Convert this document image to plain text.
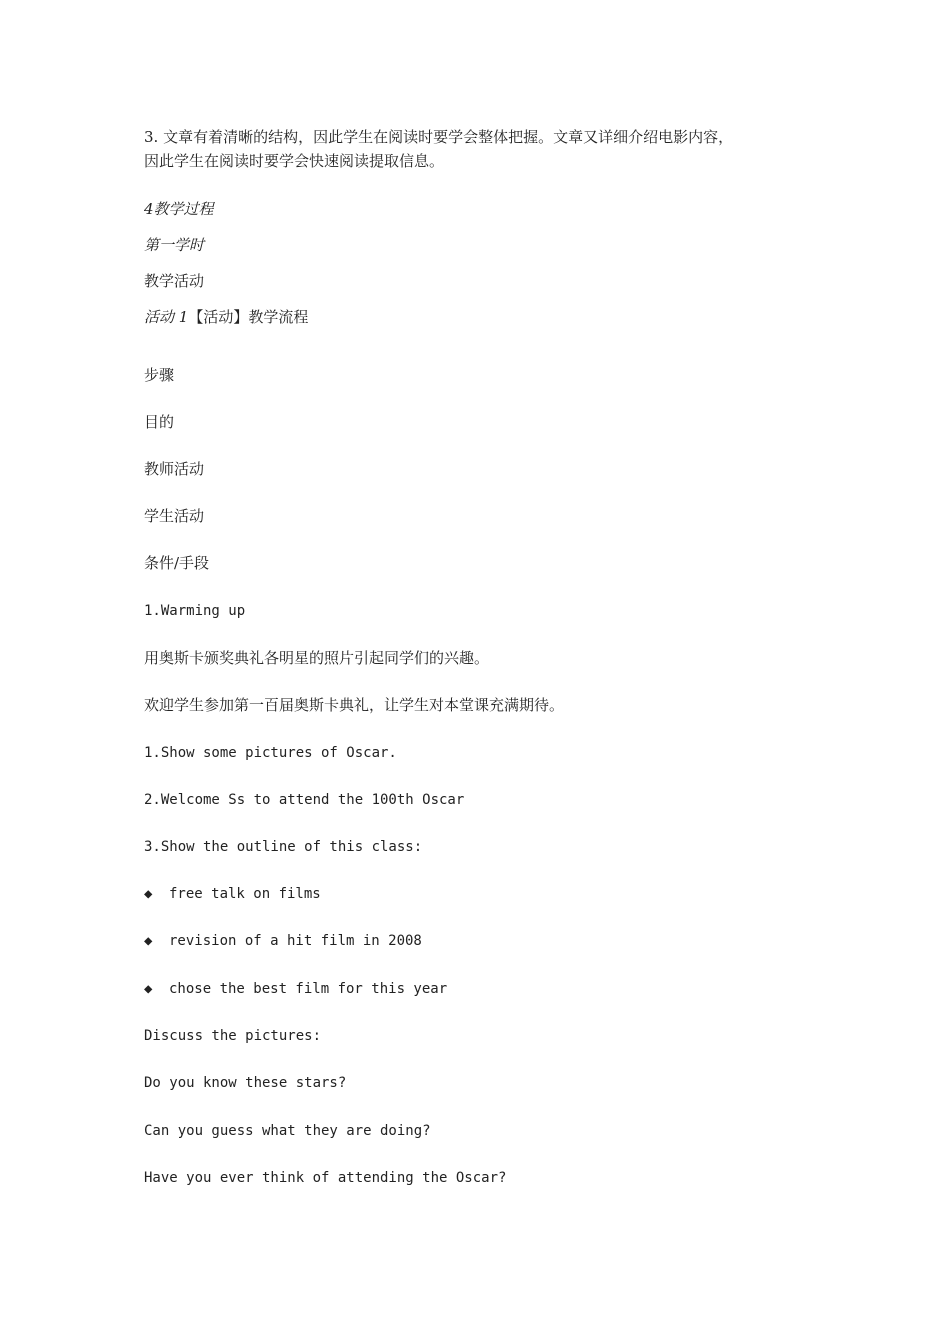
3. 文章有着清晰的结构，因此学生在阅读时要学会整体把握。文章又详细介绍电影内容，
因此学生在阅读时要学会快速阅读提取信息。
4教学过程
第一学时
教学活动
活动 1【活动】教学流程
步骤
目的
教师活动
学生活动
条件/手段
1.Warming up
用奥斯卡颁奖典礼各明星的照片引起同学们的兴趣。
欢迎学生参加第一百届奥斯卡典礼，让学生对本堂课充满期待。
1.Show some pictures of Oscar.
2.Welcome Ss to attend the 100th Oscar
3.Show the outline of this class:
◆ free talk on films
◆ revision of a hit film in 2008
◆ chose the best film for this year
Discuss the pictures:
Do you know these stars?
Can you guess what they are doing?
Have you ever think of attending the Oscar?
